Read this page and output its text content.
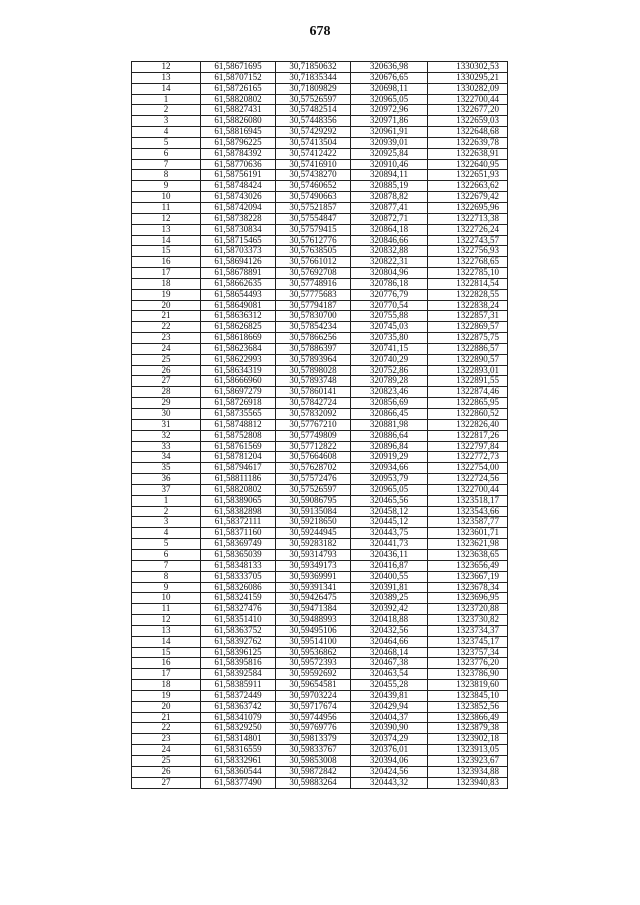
678
12	61,58671695	30,71850632	320636,98	1330302,53
13	61,58707152	30,71835344	320676,65	1330295,21
14	61,58726165	30,71809829	320698,11	1330282,09
1	61,58820802	30,57526597	320965,05	1322700,44
2	61,58827431	30,57482514	320972,96	1322677,20
3	61,58826080	30,57448356	320971,86	1322659,03
4	61,58816945	30,57429292	320961,91	1322648,68
5	61,58796225	30,57413504	320939,01	1322639,78
6	61,58784392	30,57412422	320925,84	1322638,91
7	61,58770636	30,57416910	320910,46	1322640,95
8	61,58756191	30,57438270	320894,11	1322651,93
9	61,58748424	30,57460652	320885,19	1322663,62
10	61,58743026	30,57490663	320878,82	1322679,42
11	61,58742094	30,57521857	320877,41	1322695,96
12	61,58738228	30,57554847	320872,71	1322713,38
13	61,58730834	30,57579415	320864,18	1322726,24
14	61,58715465	30,57612776	320846,66	1322743,57
15	61,58703373	30,57638505	320832,88	1322756,93
16	61,58694126	30,57661012	320822,31	1322768,65
17	61,58678891	30,57692708	320804,96	1322785,10
18	61,58662635	30,57748916	320786,18	1322814,54
19	61,58654493	30,57775683	320776,79	1322828,55
20	61,58649081	30,57794187	320770,54	1322838,24
21	61,58636312	30,57830700	320755,88	1322857,31
22	61,58626825	30,57854234	320745,03	1322869,57
23	61,58618669	30,57866256	320735,80	1322875,75
24	61,58623684	30,57886397	320741,15	1322886,57
25	61,58622993	30,57893964	320740,29	1322890,57
26	61,58634319	30,57898028	320752,86	1322893,01
27	61,58666960	30,57893748	320789,28	1322891,55
28	61,58697279	30,57860141	320823,46	1322874,46
29	61,58726918	30,57842724	320856,69	1322865,95
30	61,58735565	30,57832092	320866,45	1322860,52
31	61,58748812	30,57767210	320881,98	1322826,40
32	61,58752808	30,57749809	320886,64	1322817,26
33	61,58761569	30,57712822	320896,84	1322797,84
34	61,58781204	30,57664608	320919,29	1322772,73
35	61,58794617	30,57628702	320934,66	1322754,00
36	61,58811186	30,57572476	320953,79	1322724,56
37	61,58820802	30,57526597	320965,05	1322700,44
1	61,58389065	30,59086795	320465,56	1323518,17
2	61,58382898	30,59135084	320458,12	1323543,66
3	61,58372111	30,59218650	320445,12	1323587,77
4	61,58371160	30,59244945	320443,75	1323601,71
5	61,58369749	30,59283182	320441,73	1323621,98
6	61,58365039	30,59314793	320436,11	1323638,65
7	61,58348133	30,59349173	320416,87	1323656,49
8	61,58333705	30,59369991	320400,55	1323667,19
9	61,58326086	30,59391341	320391,81	1323678,34
10	61,58324159	30,59426475	320389,25	1323696,95
11	61,58327476	30,59471384	320392,42	1323720,88
12	61,58351410	30,59488993	320418,88	1323730,82
13	61,58363752	30,59495106	320432,56	1323734,37
14	61,58392762	30,59514100	320464,66	1323745,17
15	61,58396125	30,59536862	320468,14	1323757,34
16	61,58395816	30,59572393	320467,38	1323776,20
17	61,58392584	30,59592692	320463,54	1323786,90
18	61,58385911	30,59654581	320455,28	1323819,60
19	61,58372449	30,59703224	320439,81	1323845,10
20	61,58363742	30,59717674	320429,94	1323852,56
21	61,58341079	30,59744956	320404,37	1323866,49
22	61,58329250	30,59769776	320390,90	1323879,38
23	61,58314801	30,59813379	320374,29	1323902,18
24	61,58316559	30,59833767	320376,01	1323913,05
25	61,58332961	30,59853008	320394,06	1323923,67
26	61,58360544	30,59872842	320424,56	1323934,88
27	61,58377490	30,59883264	320443,32	1323940,83
